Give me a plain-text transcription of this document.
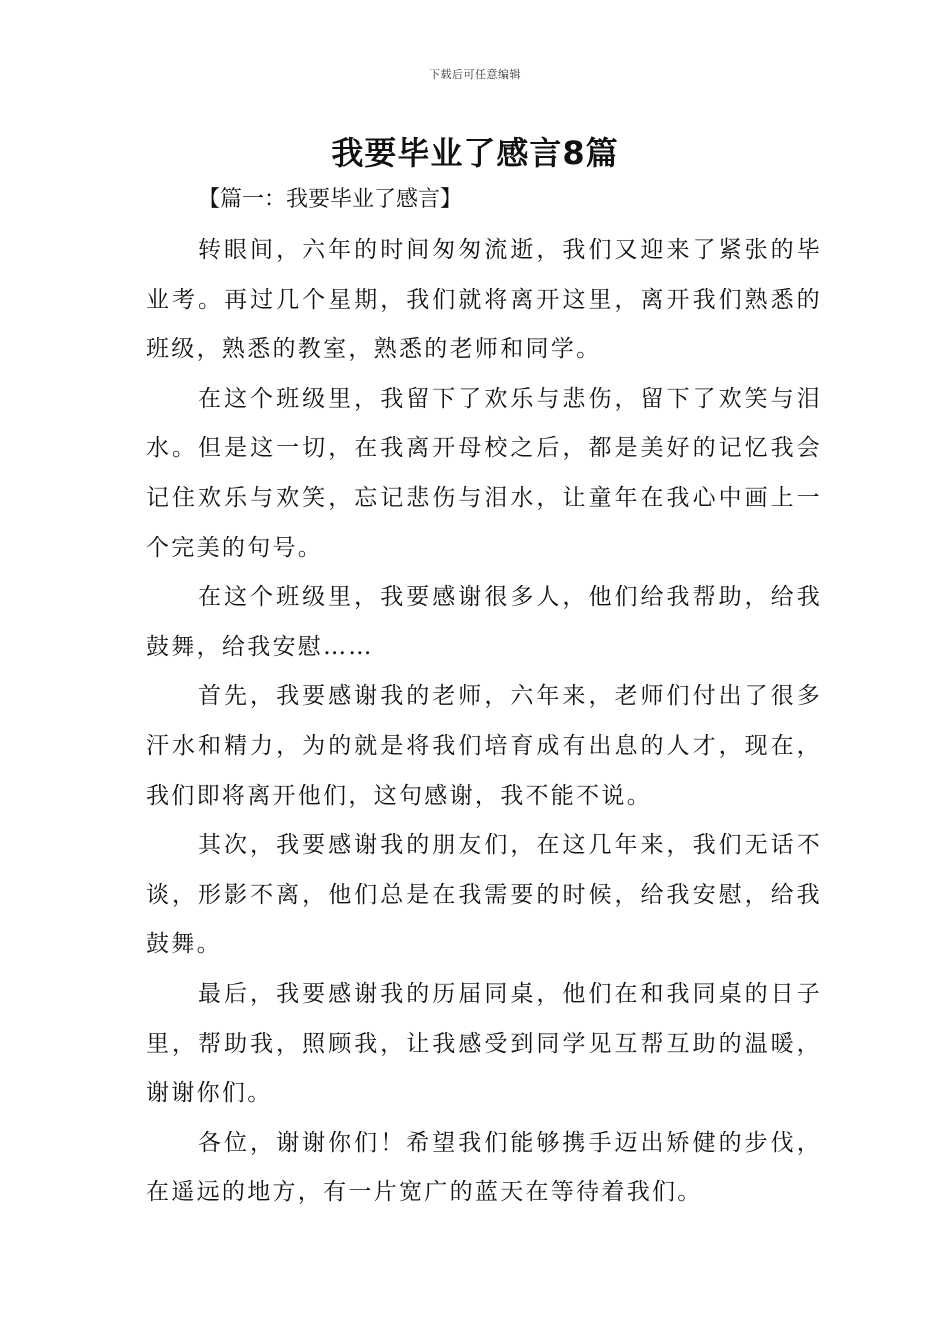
下载后可任意编辑
我要毕业了感言8篇
【篇一：我要毕业了感言】

转眼间，六年的时间匆匆流逝，我们又迎来了紧张的毕业考。再过几个星期，我们就将离开这里，离开我们熟悉的班级，熟悉的教室，熟悉的老师和同学。

在这个班级里，我留下了欢乐与悲伤，留下了欢笑与泪水。但是这一切，在我离开母校之后，都是美好的记忆我会记住欢乐与欢笑，忘记悲伤与泪水，让童年在我心中画上一个完美的句号。

在这个班级里，我要感谢很多人，他们给我帮助，给我鼓舞，给我安慰……

首先，我要感谢我的老师，六年来，老师们付出了很多汗水和精力，为的就是将我们培育成有出息的人才，现在，我们即将离开他们，这句感谢，我不能不说。

其次，我要感谢我的朋友们，在这几年来，我们无话不谈，形影不离，他们总是在我需要的时候，给我安慰，给我鼓舞。

最后，我要感谢我的历届同桌，他们在和我同桌的日子里，帮助我，照顾我，让我感受到同学见互帮互助的温暖，谢谢你们。

各位，谢谢你们！希望我们能够携手迈出矫健的步伐，在遥远的地方，有一片宽广的蓝天在等待着我们。
